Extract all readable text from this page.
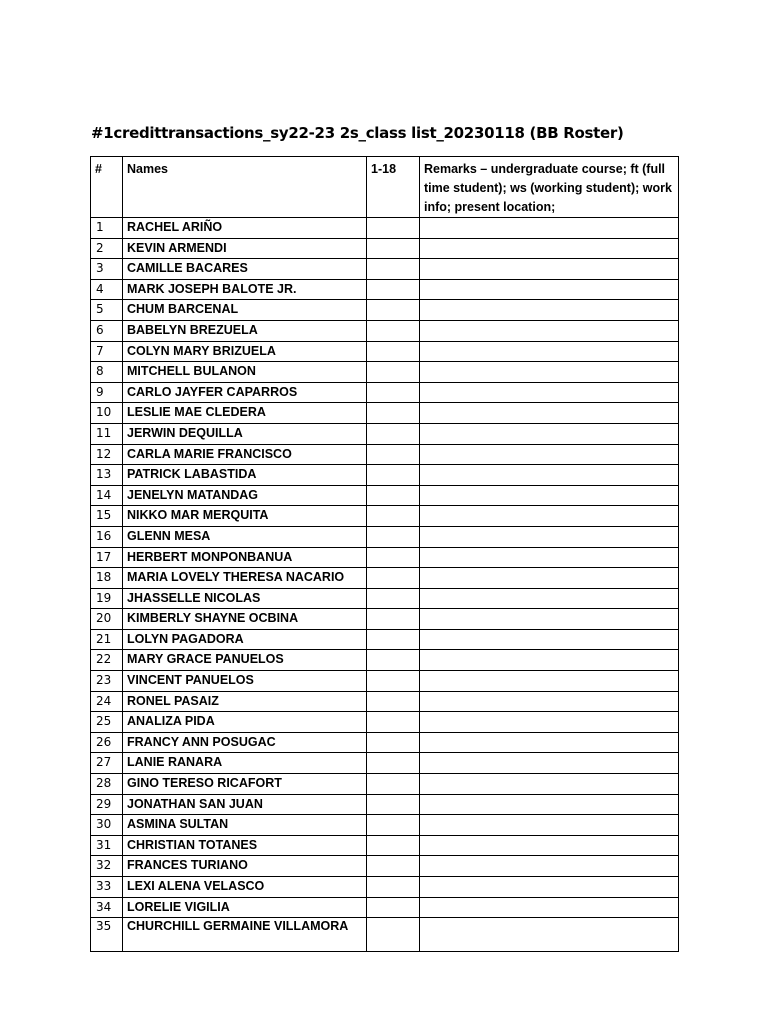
#1credittransactions_sy22-23 2s_class list_20230118 (BB Roster)
#	Names	1-18	Remarks – undergraduate course; ft (full time student); ws (working student); work info; present location;
1	RACHEL ARIÑO		
2	KEVIN ARMENDI		
3	CAMILLE BACARES		
4	MARK JOSEPH BALOTE JR.		
5	CHUM BARCENAL		
6	BABELYN BREZUELA		
7	COLYN MARY BRIZUELA		
8	MITCHELL BULANON		
9	CARLO JAYFER CAPARROS		
10	LESLIE MAE CLEDERA		
11	JERWIN DEQUILLA		
12	CARLA MARIE FRANCISCO		
13	PATRICK LABASTIDA		
14	JENELYN MATANDAG		
15	NIKKO MAR MERQUITA		
16	GLENN MESA		
17	HERBERT MONPONBANUA		
18	MARIA LOVELY THERESA NACARIO		
19	JHASSELLE NICOLAS		
20	KIMBERLY SHAYNE OCBINA		
21	LOLYN PAGADORA		
22	MARY GRACE PANUELOS		
23	VINCENT PANUELOS		
24	RONEL PASAIZ		
25	ANALIZA PIDA		
26	FRANCY ANN POSUGAC		
27	LANIE RANARA		
28	GINO TERESO RICAFORT		
29	JONATHAN SAN JUAN		
30	ASMINA SULTAN		
31	CHRISTIAN TOTANES		
32	FRANCES TURIANO		
33	LEXI ALENA VELASCO		
34	LORELIE VIGILIA		
35	CHURCHILL GERMAINE VILLAMORA		
